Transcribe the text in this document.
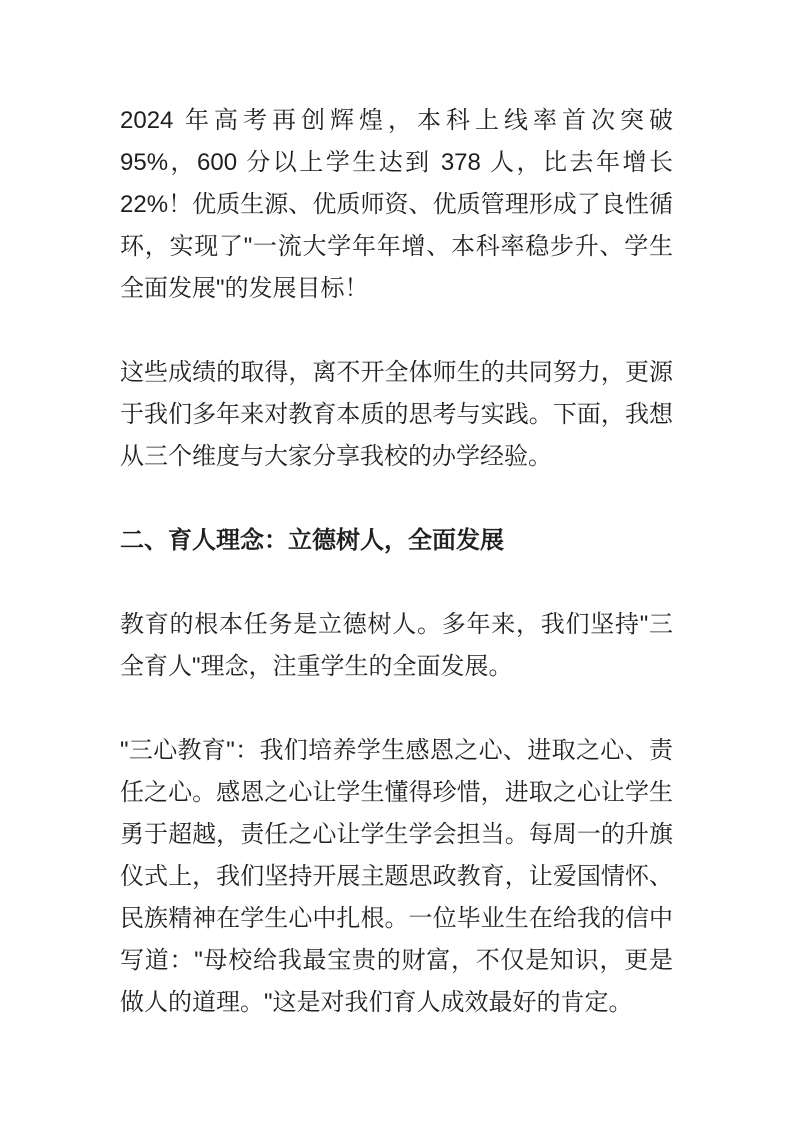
2024 年高考再创辉煌，本科上线率首次突破
95%，600 分以上学生达到 378 人，比去年增长
22%！优质生源、优质师资、优质管理形成了良性循
环，实现了"一流大学年年增、本科率稳步升、学生
全面发展"的发展目标！
这些成绩的取得，离不开全体师生的共同努力，更源
于我们多年来对教育本质的思考与实践。下面，我想
从三个维度与大家分享我校的办学经验。
二、育人理念：立德树人，全面发展
教育的根本任务是立德树人。多年来，我们坚持"三
全育人"理念，注重学生的全面发展。
"三心教育"：我们培养学生感恩之心、进取之心、责
任之心。感恩之心让学生懂得珍惜，进取之心让学生
勇于超越，责任之心让学生学会担当。每周一的升旗
仪式上，我们坚持开展主题思政教育，让爱国情怀、
民族精神在学生心中扎根。一位毕业生在给我的信中
写道："母校给我最宝贵的财富，不仅是知识，更是
做人的道理。"这是对我们育人成效最好的肯定。
